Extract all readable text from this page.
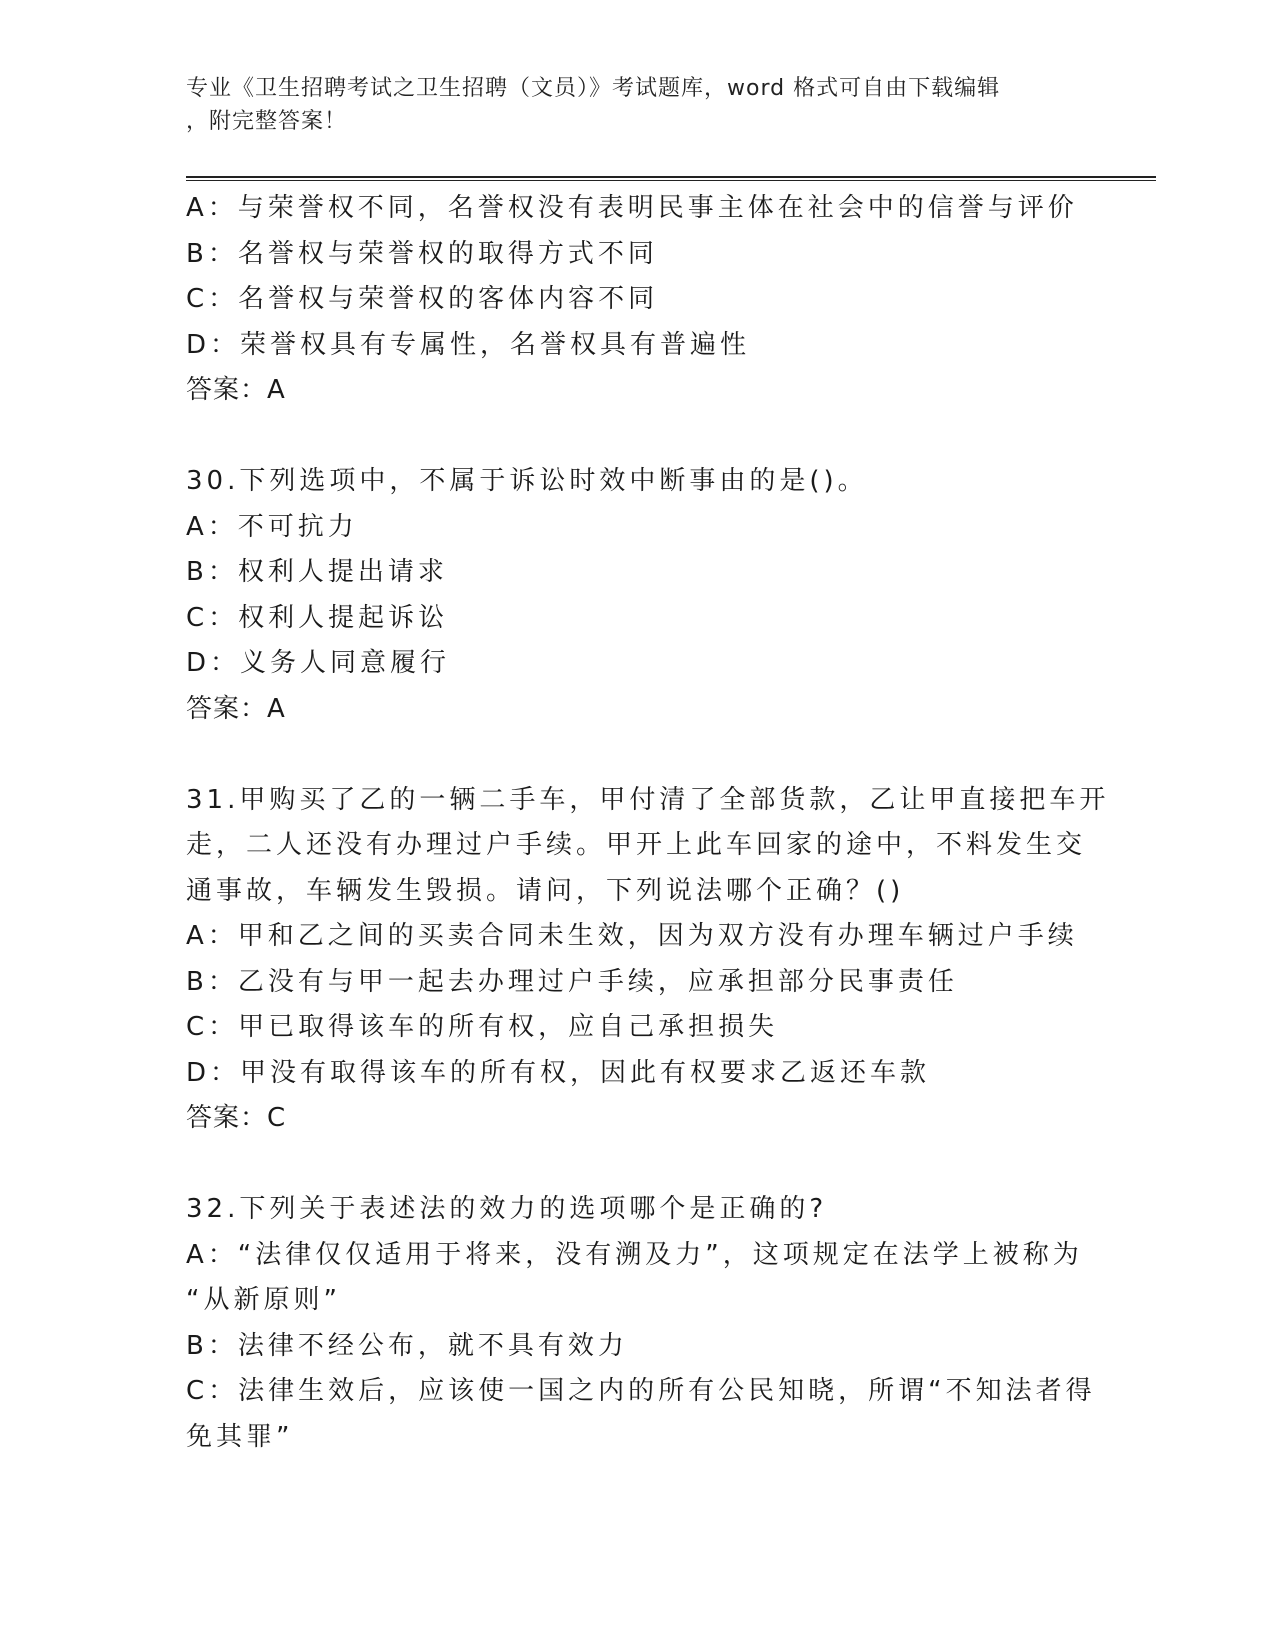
专业《卫生招聘考试之卫生招聘（文员）》考试题库，word 格式可自由下载编辑
，附完整答案！
A：与荣誉权不同，名誉权没有表明民事主体在社会中的信誉与评价
B：名誉权与荣誉权的取得方式不同
C：名誉权与荣誉权的客体内容不同
D：荣誉权具有专属性，名誉权具有普遍性
答案：A
30.下列选项中，不属于诉讼时效中断事由的是()。
A：不可抗力
B：权利人提出请求
C：权利人提起诉讼
D：义务人同意履行
答案：A
31.甲购买了乙的一辆二手车，甲付清了全部货款，乙让甲直接把车开
走，二人还没有办理过户手续。甲开上此车回家的途中，不料发生交
通事故，车辆发生毁损。请问，下列说法哪个正确？()
A：甲和乙之间的买卖合同未生效，因为双方没有办理车辆过户手续
B：乙没有与甲一起去办理过户手续，应承担部分民事责任
C：甲已取得该车的所有权，应自己承担损失
D：甲没有取得该车的所有权，因此有权要求乙返还车款
答案：C
32.下列关于表述法的效力的选项哪个是正确的?
A：“法律仅仅适用于将来，没有溯及力”，这项规定在法学上被称为
“从新原则”
B：法律不经公布，就不具有效力
C：法律生效后，应该使一国之内的所有公民知晓，所谓“不知法者得
免其罪”
